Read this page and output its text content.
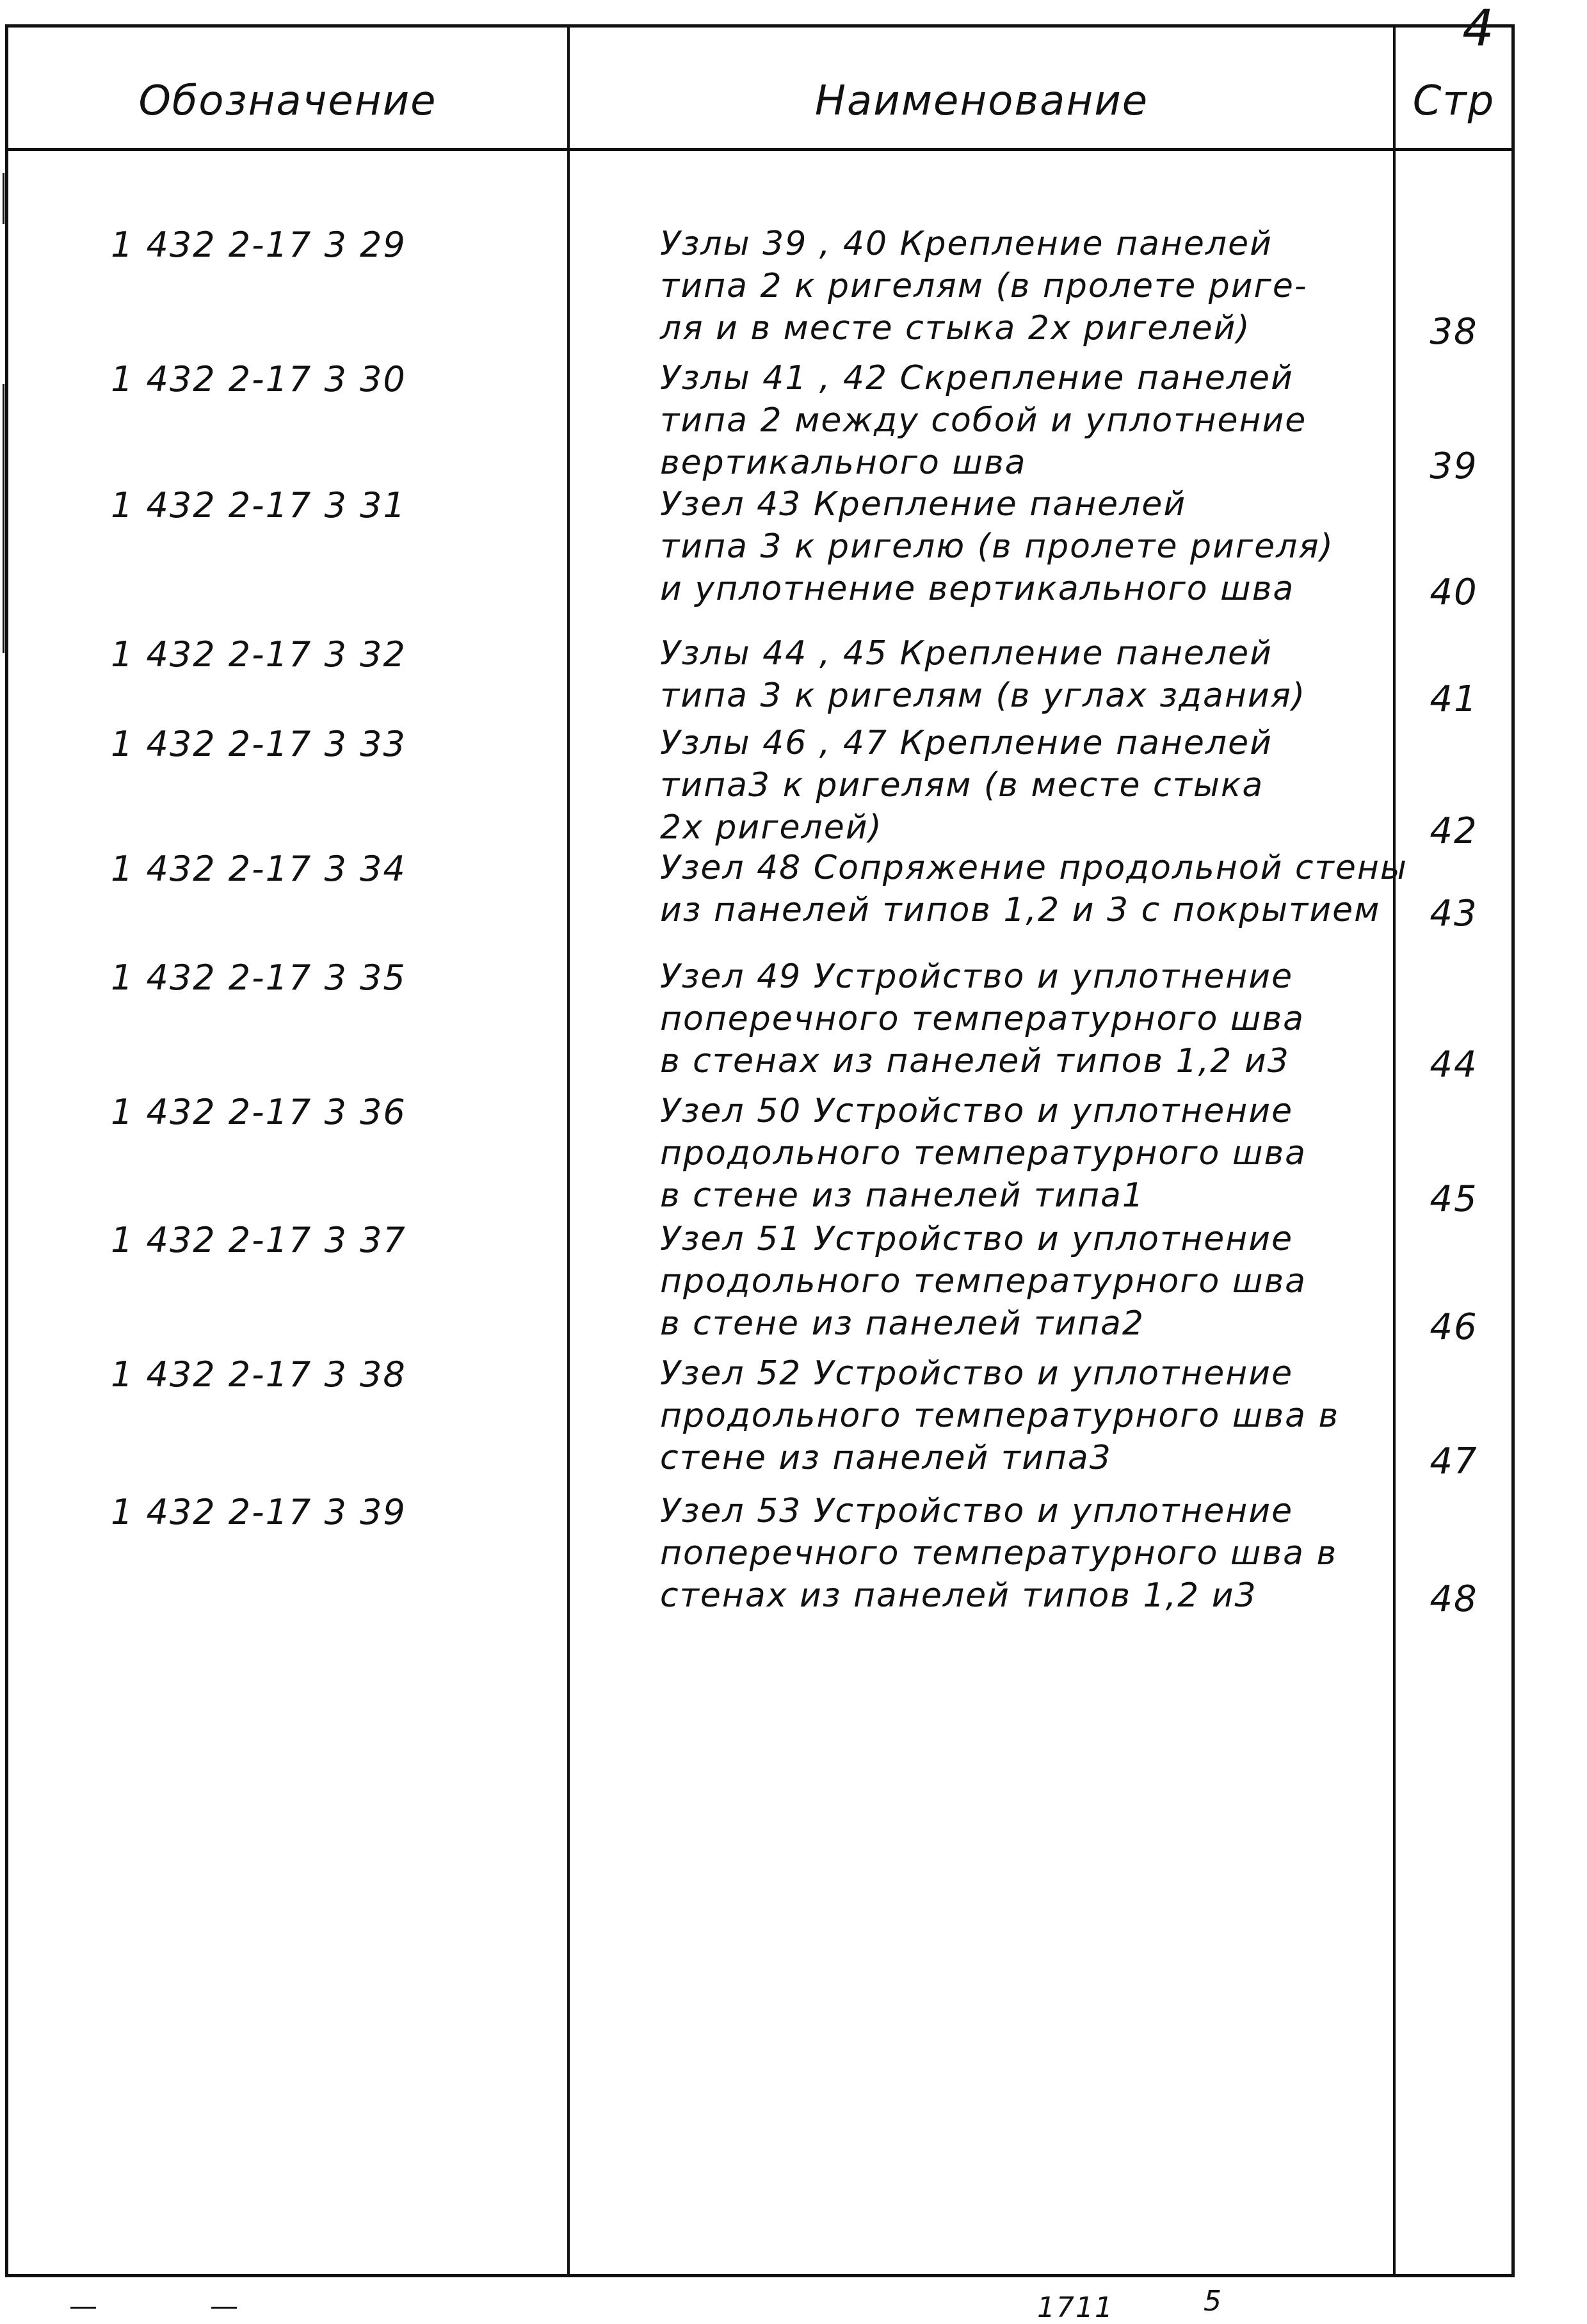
4
Обозначение	Наименование	Стр
1 432 2-17 3 29	Узлы 39 , 40 Крепление панелей
типа 2 к ригелям (в пролете риге-
ля и в месте стыка 2х ригелей)	38
1 432 2-17 3 30	Узлы 41 , 42 Скрепление панелей
типа 2 между собой и уплотнение
вертикального шва	39
1 432 2-17 3 31	Узел 43 Крепление панелей
типа 3 к ригелю (в пролете ригеля)
и уплотнение вертикального шва	40
1 432 2-17 3 32	Узлы 44 , 45 Крепление панелей
типа 3 к ригелям (в углах здания)	41
1 432 2-17 3 33	Узлы 46 , 47 Крепление панелей
типа3 к ригелям (в месте стыка
2х ригелей)	42
1 432 2-17 3 34	Узел 48 Сопряжение продольной стены
из панелей типов 1,2 и 3 с покрытием	43
1 432 2-17 3 35	Узел 49 Устройство и уплотнение
поперечного температурного шва
в стенах из панелей типов 1,2 и3	44
1 432 2-17 3 36	Узел 50 Устройство и уплотнение
продольного температурного шва
в стене из панелей типа1	45
1 432 2-17 3 37	Узел 51 Устройство и уплотнение
продольного температурного шва
в стене из панелей типа2	46
1 432 2-17 3 38	Узел 52 Устройство и уплотнение
продольного температурного шва в
стене из панелей типа3	47
1 432 2-17 3 39	Узел 53 Устройство и уплотнение
поперечного температурного шва в
стенах из панелей типов 1,2 и3	48
1711	5
